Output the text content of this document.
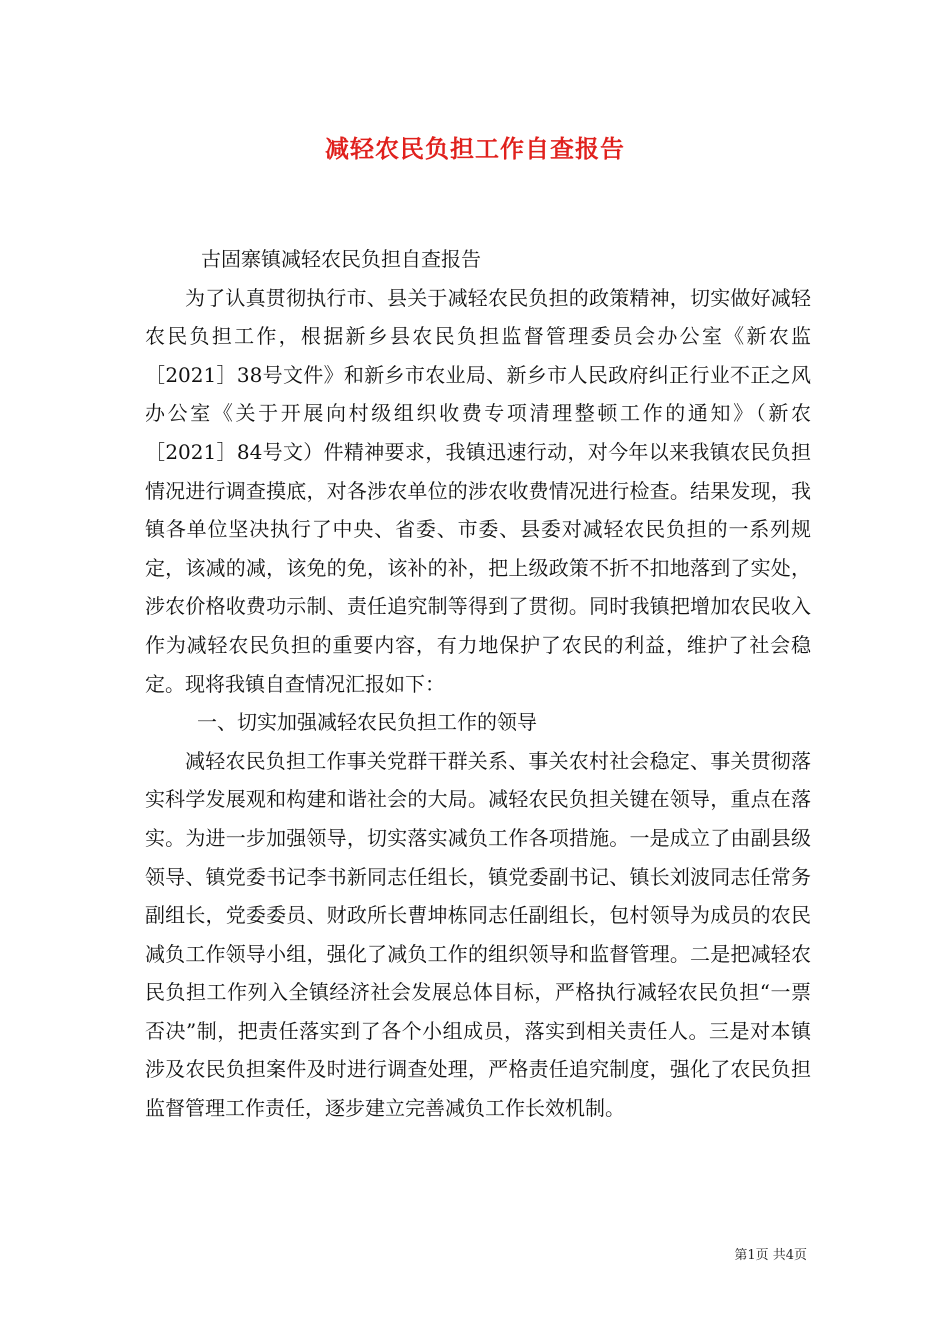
减轻农民负担工作自查报告

古固寨镇减轻农民负担自查报告

为了认真贯彻执行市、县关于减轻农民负担的政策精神，切实做好减轻农民负担工作，根据新乡县农民负担监督管理委员会办公室《新农监［2021］38号文件》和新乡市农业局、新乡市人民政府纠正行业不正之风办公室《关于开展向村级组织收费专项清理整顿工作的通知》（新农［2021］84号文）件精神要求，我镇迅速行动，对今年以来我镇农民负担情况进行调查摸底，对各涉农单位的涉农收费情况进行检查。结果发现，我镇各单位坚决执行了中央、省委、市委、县委对减轻农民负担的一系列规定，该减的减，该免的免，该补的补，把上级政策不折不扣地落到了实处，涉农价格收费功示制、责任追究制等得到了贯彻。同时我镇把增加农民收入作为减轻农民负担的重要内容，有力地保护了农民的利益，维护了社会稳定。现将我镇自查情况汇报如下：

一、切实加强减轻农民负担工作的领导

减轻农民负担工作事关党群干群关系、事关农村社会稳定、事关贯彻落实科学发展观和构建和谐社会的大局。减轻农民负担关键在领导，重点在落实。为进一步加强领导，切实落实减负工作各项措施。一是成立了由副县级领导、镇党委书记李书新同志任组长，镇党委副书记、镇长刘波同志任常务副组长，党委委员、财政所长曹坤栋同志任副组长，包村领导为成员的农民减负工作领导小组，强化了减负工作的组织领导和监督管理。二是把减轻农民负担工作列入全镇经济社会发展总体目标，严格执行减轻农民负担“一票否决”制，把责任落实到了各个小组成员，落实到相关责任人。三是对本镇涉及农民负担案件及时进行调查处理，严格责任追究制度，强化了农民负担监督管理工作责任，逐步建立完善减负工作长效机制。

第1页 共4页
